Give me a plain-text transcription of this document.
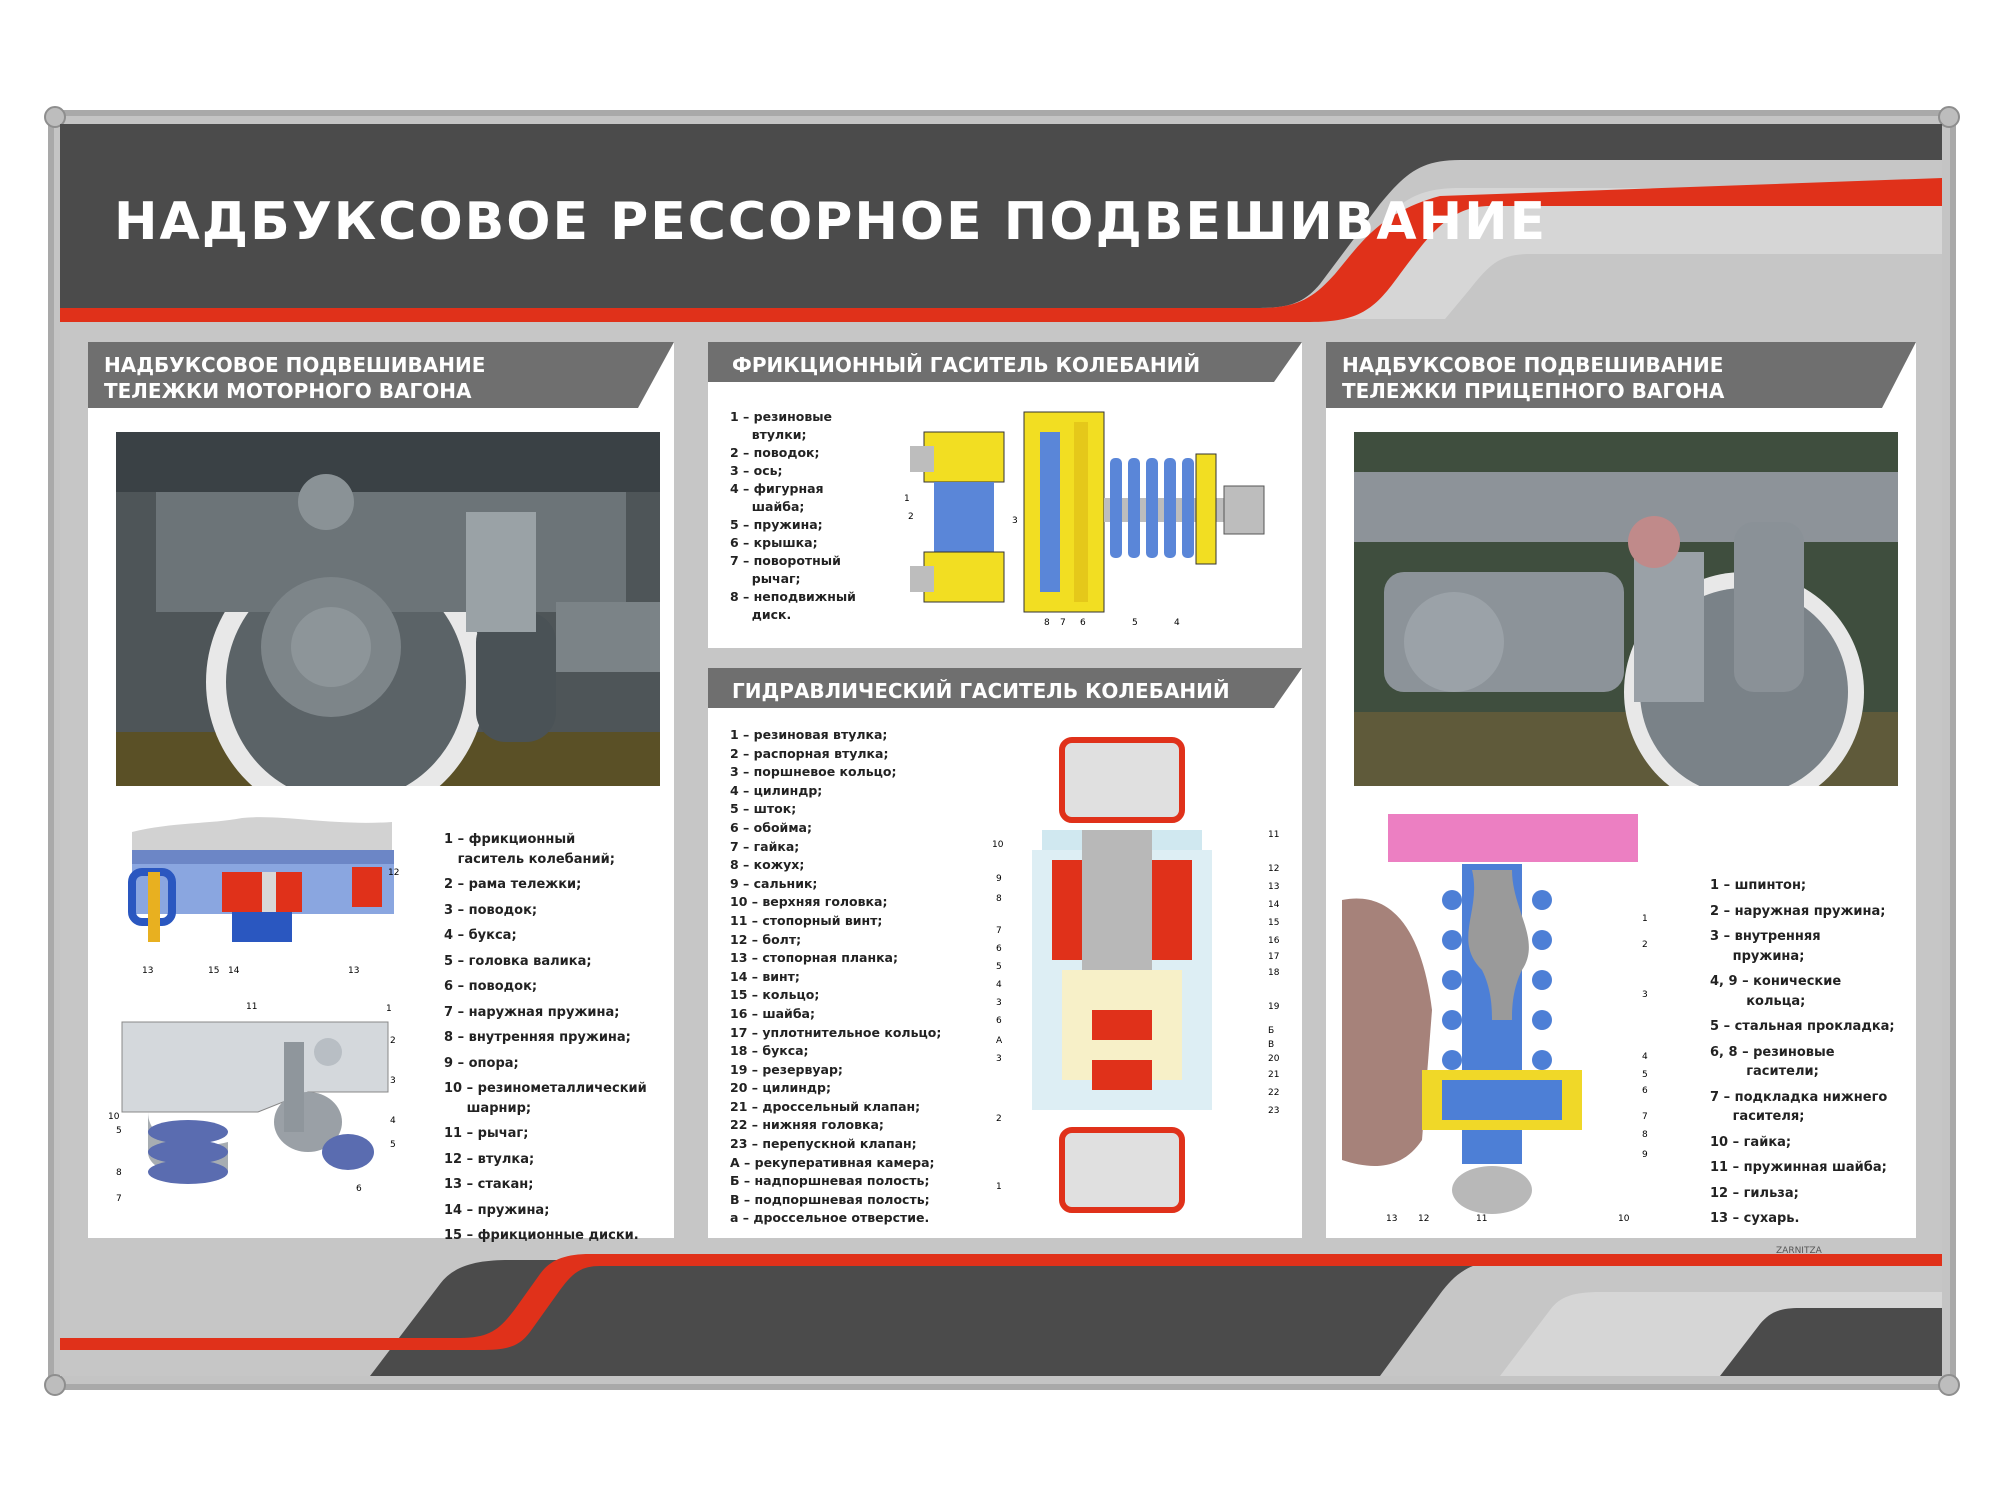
НАДБУКСОВОЕ РЕССОРНОЕ ПОДВЕШИВАНИЕ
НАДБУКСОВОЕ ПОДВЕШИВАНИЕ
ТЕЛЕЖКИ МОТОРНОГО ВАГОНА
12
13	15 14	13
11	1
2
3
10
5
4
8
5
7
6
1 – фрикционный
гаситель колебаний;
2 – рама тележки;
3 – поводок;
4 – букса;
5 – головка валика;
6 – поводок;
7 – наружная пружина;
8 – внутренняя пружина;
9 – опора;
10 – резинометаллический
шарнир;
11 – рычаг;
12 – втулка;
13 – стакан;
14 – пружина;
15 – фрикционные диски.
ФРИКЦИОННЫЙ ГАСИТЕЛЬ КОЛЕБАНИЙ
1 – резиновые
втулки;
2 – поводок;
3 – ось;
4 – фигурная
шайба;
5 – пружина;
6 – крышка;
7 – поворотный
рычаг;
8 – неподвижный
диск.
1
2	3
8 7 6	5	4
ГИДРАВЛИЧЕСКИЙ ГАСИТЕЛЬ КОЛЕБАНИЙ
1 – резиновая втулка;
2 – распорная втулка;
3 – поршневое кольцо;
4 – цилиндр;
5 – шток;
6 – обойма;
7 – гайка;
8 – кожух;
9 – сальник;
10 – верхняя головка;
11 – стопорный винт;
12 – болт;
13 – стопорная планка;
14 – винт;
15 – кольцо;
16 – шайба;
17 – уплотнительное кольцо;
18 – букса;
19 – резервуар;
20 – цилиндр;
21 – дроссельный клапан;
22 – нижняя головка;
23 – перепускной клапан;
А – рекуперативная камера;
Б – надпоршневая полость;
В – подпоршневая полость;
а – дроссельное отверстие.
10
9
8
7
6
5
4
3
6
А
3
2
1
11
12
13
14
15
16
17
18
19
Б
В
20
21
22
23
НАДБУКСОВОЕ ПОДВЕШИВАНИЕ
ТЕЛЕЖКИ ПРИЦЕПНОГО ВАГОНА
1
2
3
4
5
6
7
8
9
13 12	11	10
1 – шпинтон;
2 – наружная пружина;
3 – внутренняя
пружина;
4, 9 – конические
кольца;
5 – стальная прокладка;
6, 8 – резиновые
гасители;
7 – подкладка нижнего
гасителя;
10 – гайка;
11 – пружинная шайба;
12 – гильза;
13 – сухарь.
ZARNITZA
